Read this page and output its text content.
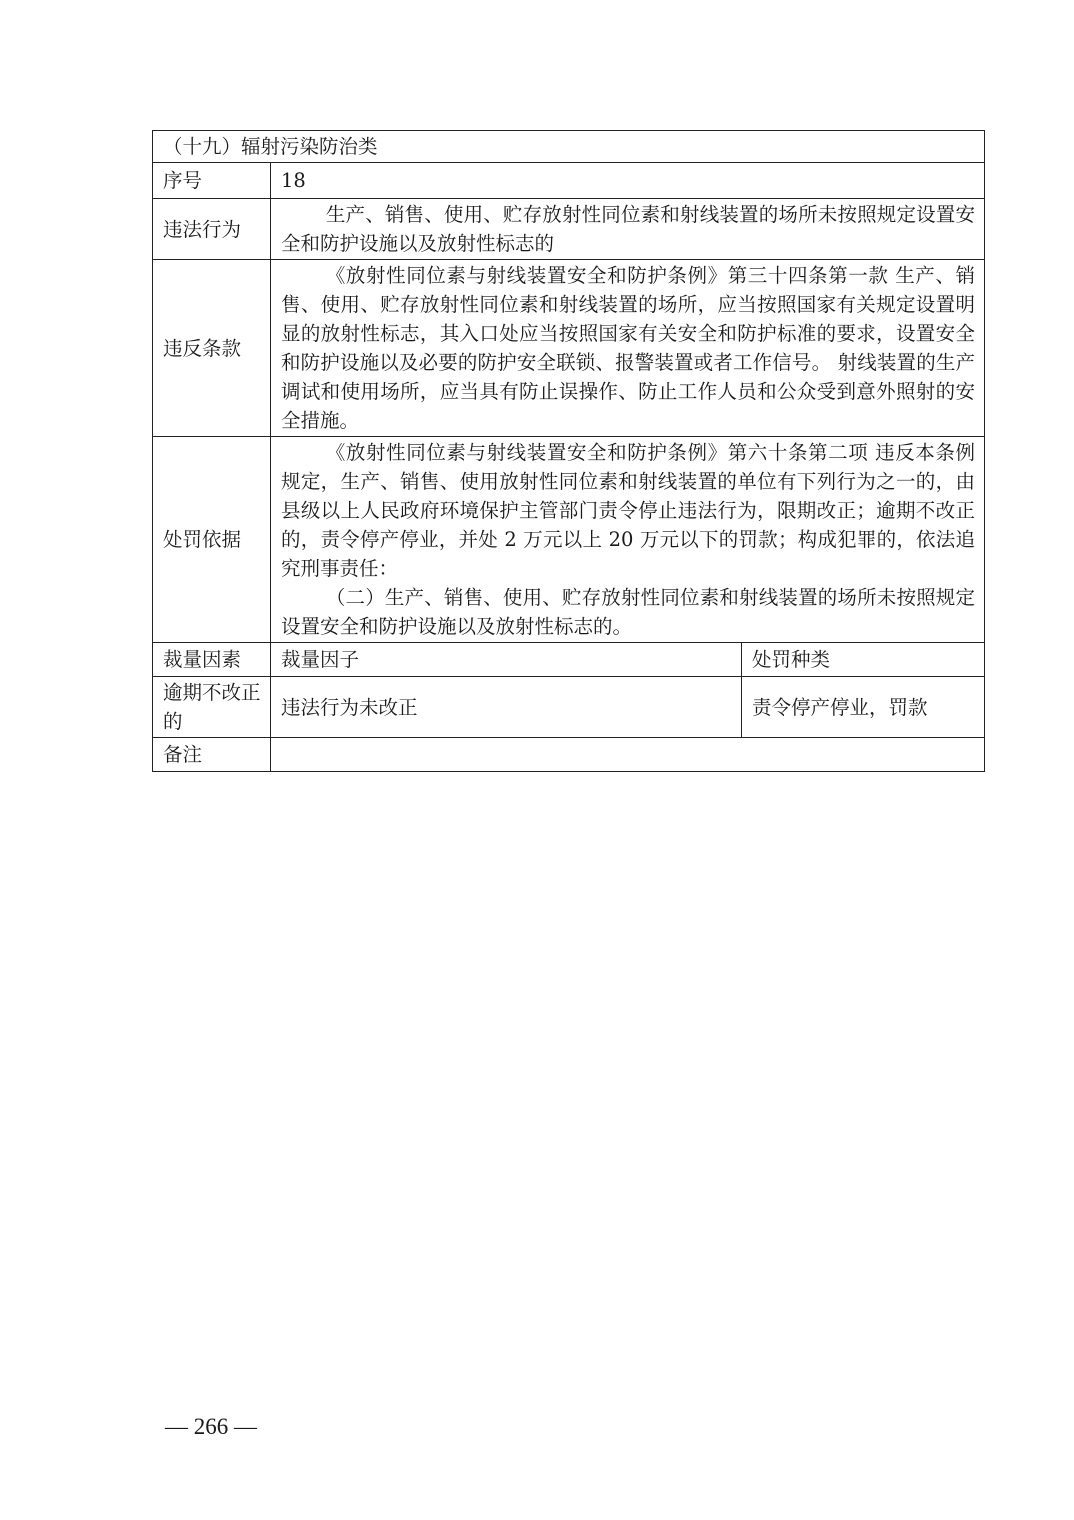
（十九）辐射污染防治类		
序号	18	
违法行为	生产、销售、使用、贮存放射性同位素和射线装置的场所未按照规定设置安全和防护设施以及放射性标志的	

违反条款	《放射性同位素与射线装置安全和防护条例》第三十四条第一款 生产、销售、使用、贮存放射性同位素和射线装置的场所，应当按照国家有关规定设置明显的放射性标志，其入口处应当按照国家有关安全和防护标准的要求，设置安全和防护设施以及必要的防护安全联锁、报警装置或者工作信号。 射线装置的生产调试和使用场所，应当具有防止误操作、防止工作人员和公众受到意外照射的安全措施。	

处罚依据	《放射性同位素与射线装置安全和防护条例》第六十条第二项 违反本条例规定，生产、销售、使用放射性同位素和射线装置的单位有下列行为之一的，由县级以上人民政府环境保护主管部门责令停止违法行为，限期改正；逾期不改正的，责令停产停业，并处 2 万元以上 20 万元以下的罚款；构成犯罪的，依法追究刑事责任：

（二）生产、销售、使用、贮存放射性同位素和射线装置的场所未按照规定设置安全和防护设施以及放射性标志的。	

裁量因素	裁量因子	处罚种类
逾期不改正的	违法行为未改正	责令停产停业，罚款
备注		
— 266 —
